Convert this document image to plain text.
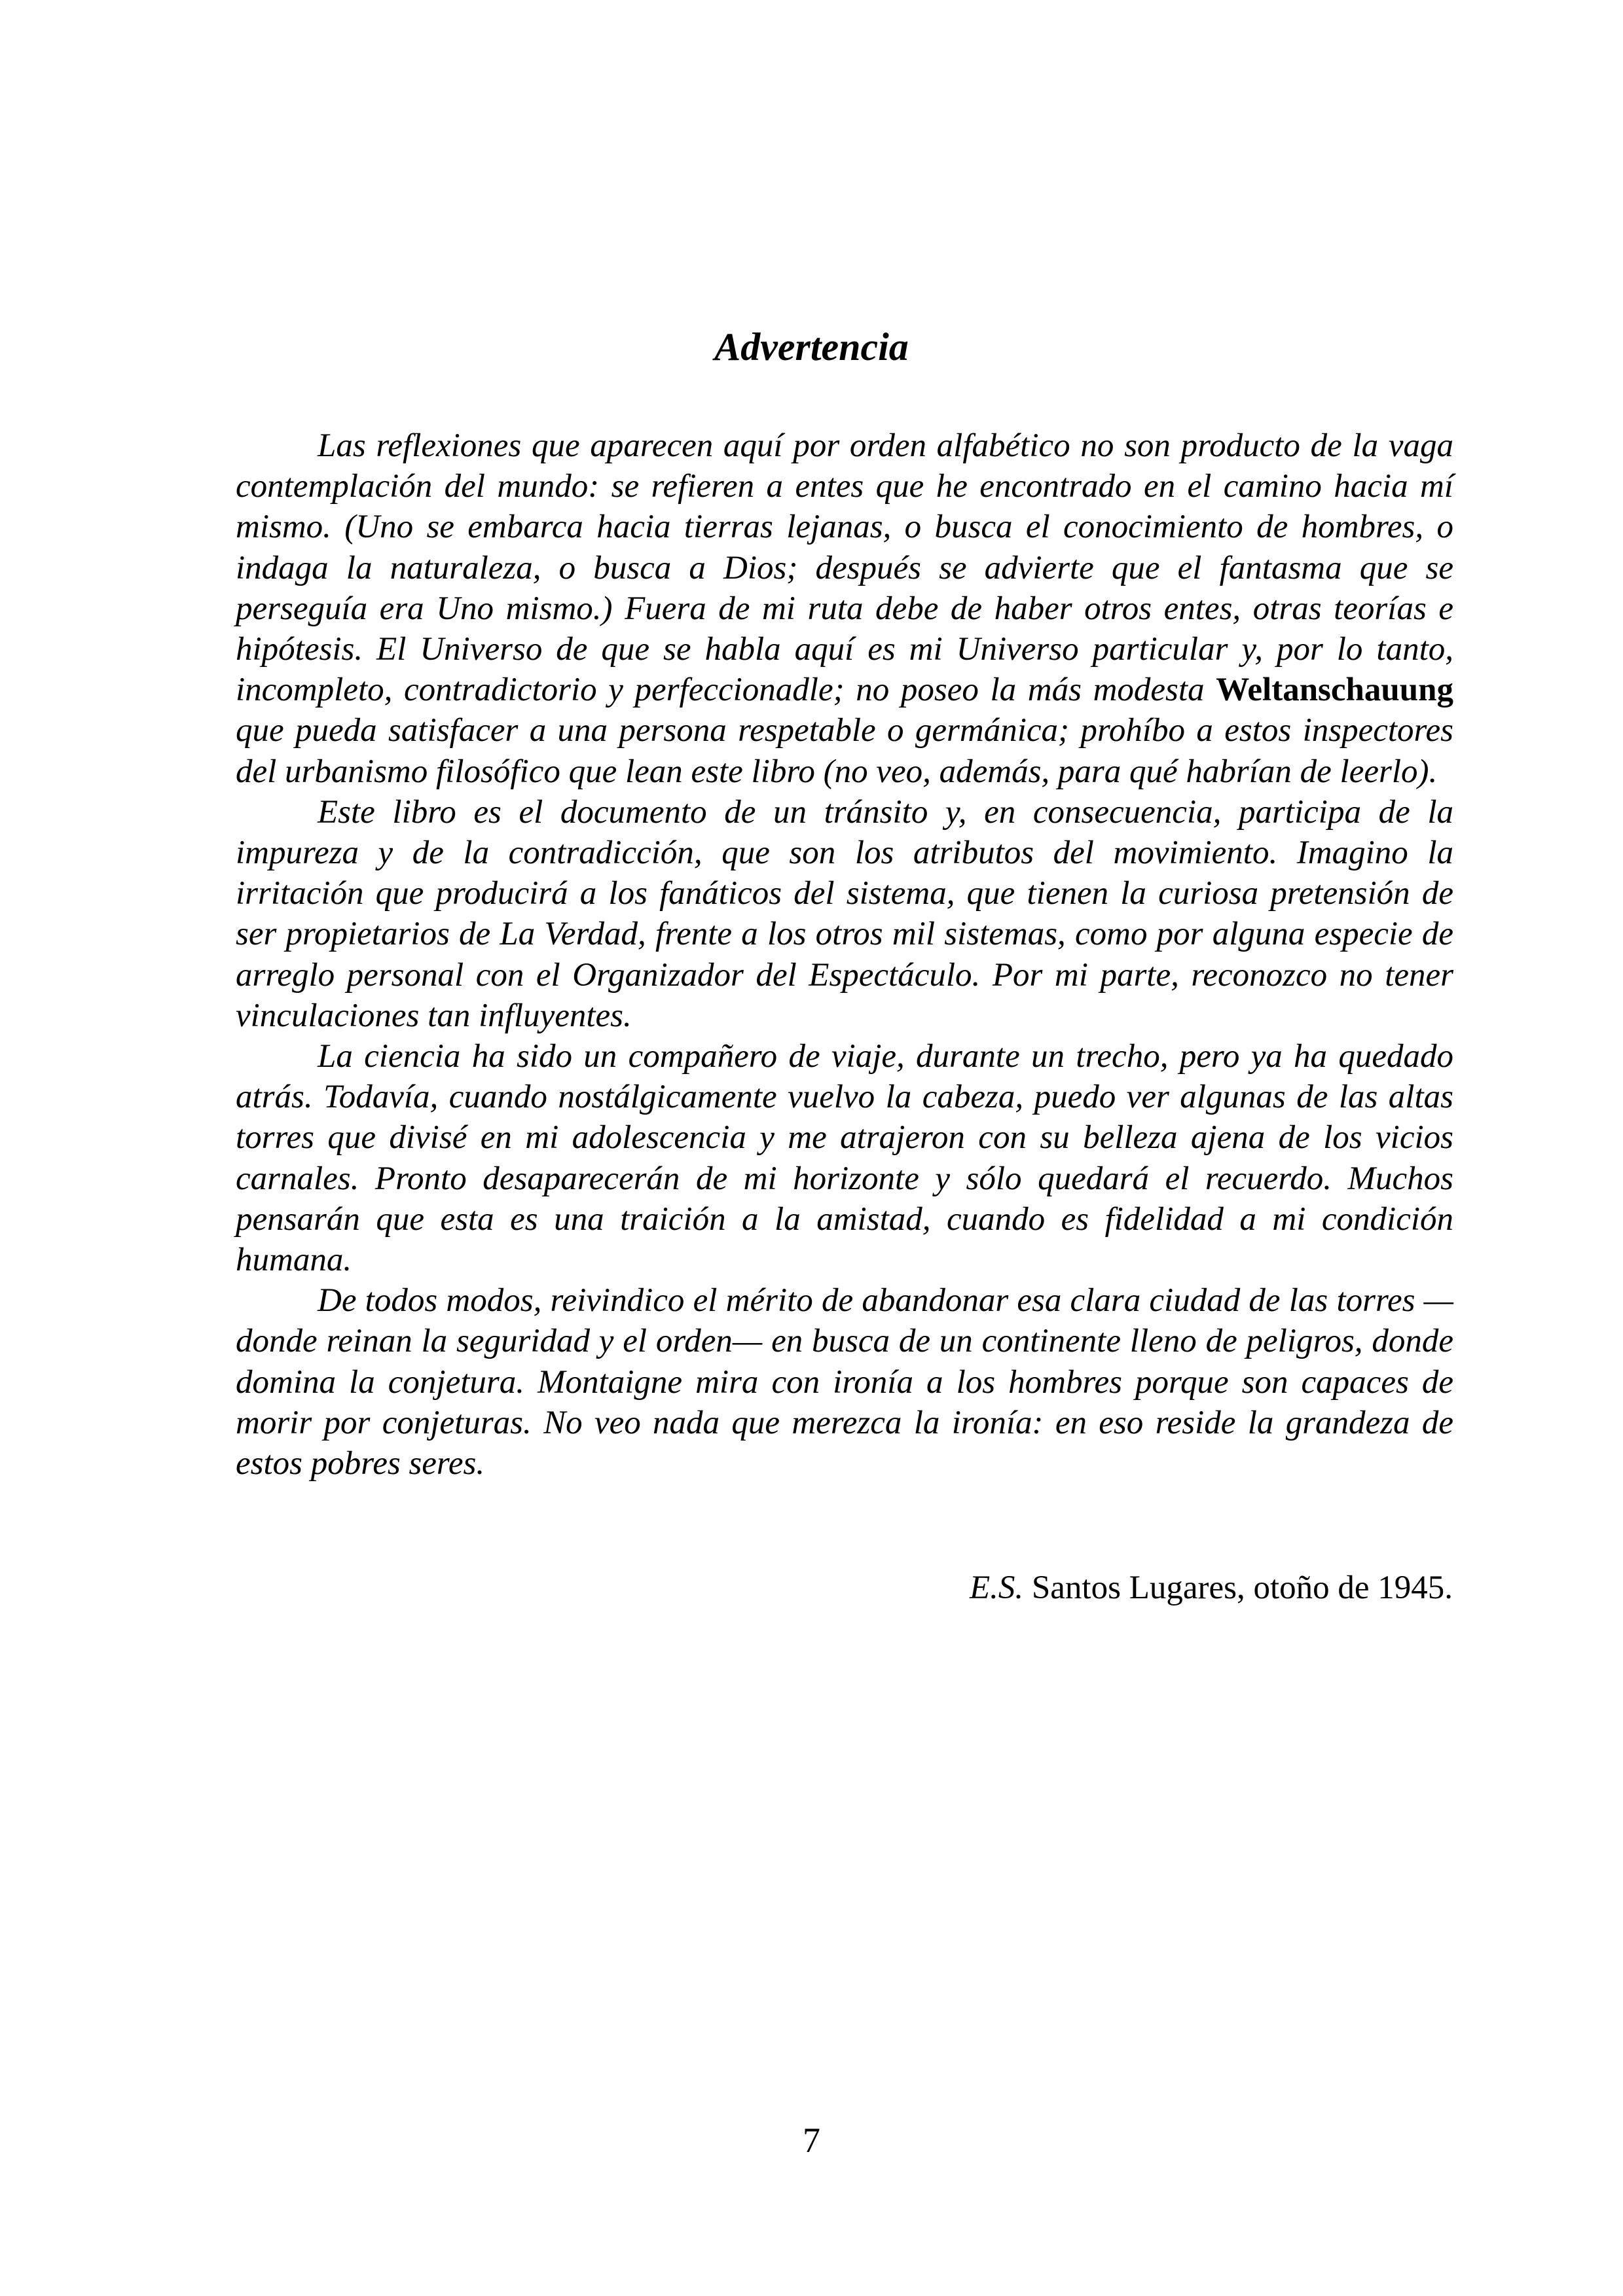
Advertencia

Las reflexiones que aparecen aquí por orden alfabético no son producto de la vaga contemplación del mundo: se refieren a entes que he encontrado en el camino hacia mí mismo. (Uno se embarca hacia tierras lejanas, o busca el conocimiento de hombres, o indaga la naturaleza, o busca a Dios; después se advierte que el fantasma que se perseguía era Uno mismo.) Fuera de mi ruta debe de haber otros entes, otras teorías e hipótesis. El Universo de que se habla aquí es mi Universo particular y, por lo tanto, incompleto, contradictorio y perfeccionadle; no poseo la más modesta Weltanschauung que pueda satisfacer a una persona respetable o germánica; prohíbo a estos inspectores del urbanismo filosófico que lean este libro (no veo, además, para qué habrían de leerlo).

Este libro es el documento de un tránsito y, en consecuencia, participa de la impureza y de la contradicción, que son los atributos del movimiento. Imagino la irritación que producirá a los fanáticos del sistema, que tienen la curiosa pretensión de ser propietarios de La Verdad, frente a los otros mil sistemas, como por alguna especie de arreglo personal con el Organizador del Espectáculo. Por mi parte, reconozco no tener vinculaciones tan influyentes.

La ciencia ha sido un compañero de viaje, durante un trecho, pero ya ha quedado atrás. Todavía, cuando nostálgicamente vuelvo la cabeza, puedo ver algunas de las altas torres que divisé en mi adolescencia y me atrajeron con su belleza ajena de los vicios carnales. Pronto desaparecerán de mi horizonte y sólo quedará el recuerdo. Muchos pensarán que esta es una traición a la amistad, cuando es fidelidad a mi condición humana.

De todos modos, reivindico el mérito de abandonar esa clara ciudad de las torres —donde reinan la seguridad y el orden— en busca de un continente lleno de peligros, donde domina la conjetura. Montaigne mira con ironía a los hombres porque son capaces de morir por conjeturas. No veo nada que merezca la ironía: en eso reside la grandeza de estos pobres seres.

E.S. Santos Lugares, otoño de 1945.
7
